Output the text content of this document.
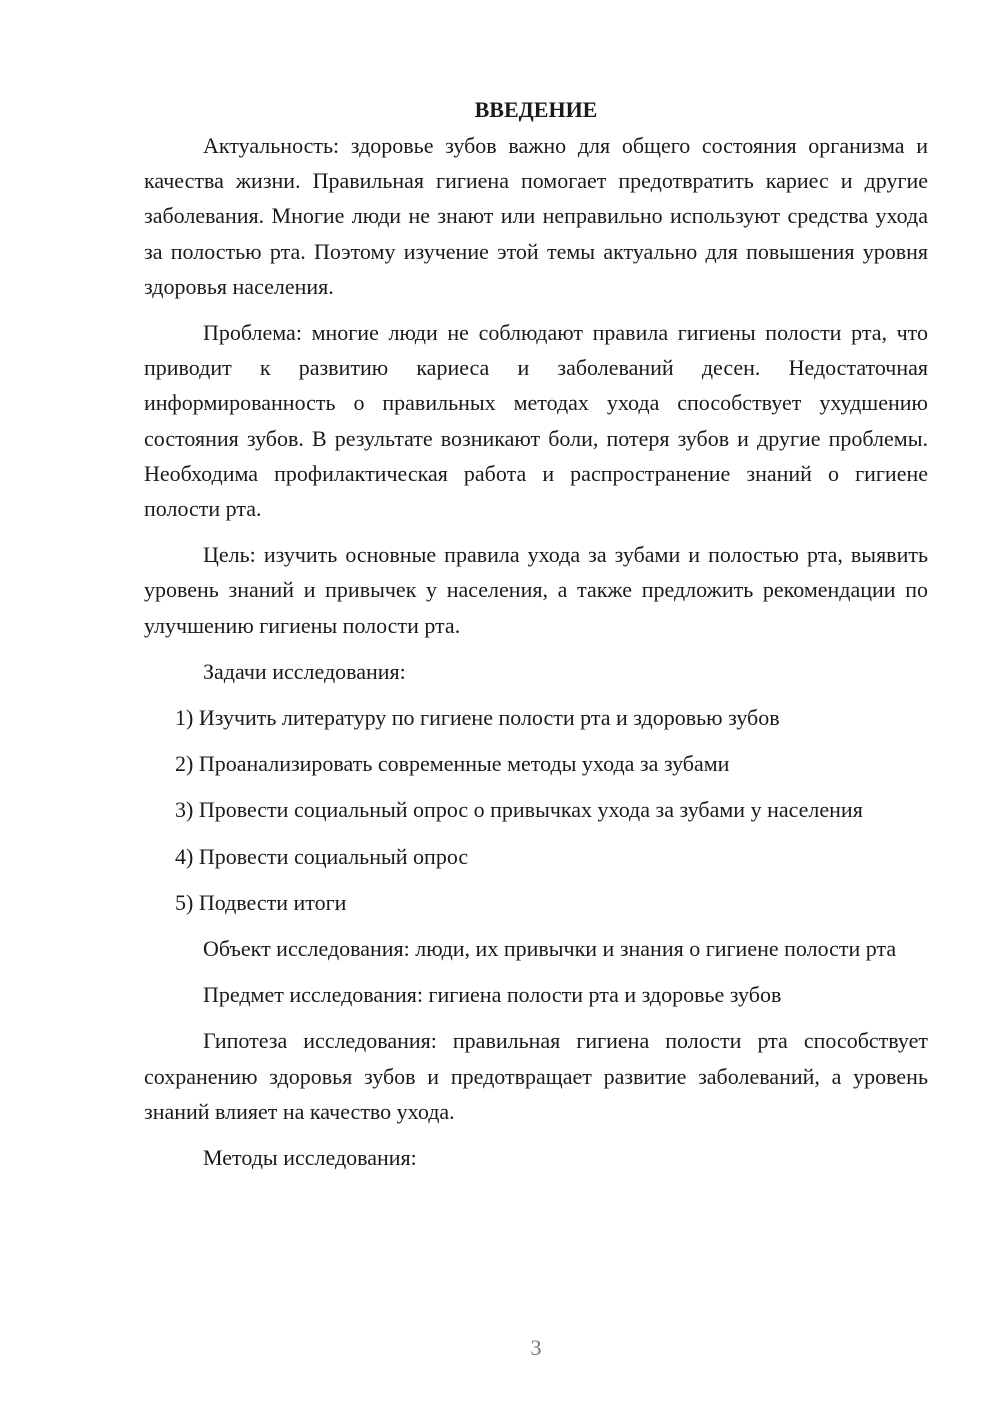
ВВЕДЕНИЕ

Актуальность: здоровье зубов важно для общего состояния организма и качества жизни. Правильная гигиена помогает предотвратить кариес и другие заболевания. Многие люди не знают или неправильно используют средства ухода за полостью рта. Поэтому изучение этой темы актуально для повышения уровня здоровья населения.

Проблема: многие люди не соблюдают правила гигиены полости рта, что приводит к развитию кариеса и заболеваний десен. Недостаточная информированность о правильных методах ухода способствует ухудшению состояния зубов. В результате возникают боли, потеря зубов и другие проблемы. Необходима профилактическая работа и распространение знаний о гигиене полости рта.

Цель: изучить основные правила ухода за зубами и полостью рта, выявить уровень знаний и привычек у населения, а также предложить рекомендации по улучшению гигиены полости рта.

Задачи исследования:

1) Изучить литературу по гигиене полости рта и здоровью зубов

2) Проанализировать современные методы ухода за зубами

3) Провести социальный опрос о привычках ухода за зубами у населения

4) Провести социальный опрос

5) Подвести итоги

Объект исследования: люди, их привычки и знания о гигиене полости рта

Предмет исследования: гигиена полости рта и здоровье зубов

Гипотеза исследования: правильная гигиена полости рта способствует сохранению здоровья зубов и предотвращает развитие заболеваний, а уровень знаний влияет на качество ухода.

Методы исследования:

3
